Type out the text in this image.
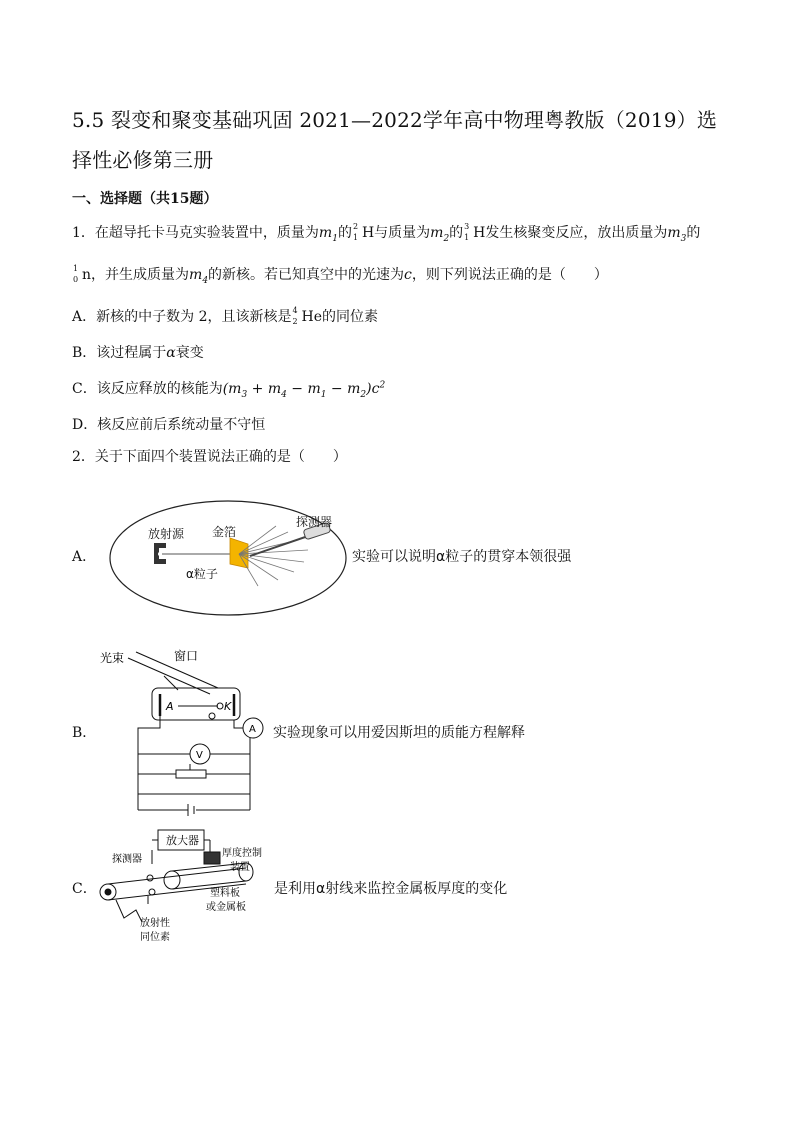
5.5 裂变和聚变基础巩固 2021—2022学年高中物理粤教版（2019）选择性必修第三册
一、选择题（共15题）
1．在超导托卡马克实验装置中，质量为$m_1$的 2
1 H与质量为$m_2$的 3
1 H发生核聚变反应，放出质量为$m_3$的
1
0 n，并生成质量为$m_4$的新核。若已知真空中的光速为c，则下列说法正确的是（　　）
A．新核的中子数为 2，且该新核是 4
2 He的同位素
B．该过程属于α衰变
C．该反应释放的核能为$(m_3 + m_4 - m_1 - m_2)c^2$
D．核反应前后系统动量不守恒
2．关于下面四个装置说法正确的是（　　）
A．
放射源 金箔
探测器
α粒子
实验可以说明α粒子的贯穿本领很强
B．
光束	窗口
A	K
A
V
实验现象可以用爱因斯坦的质能方程解释
C．
放大器
探测器
厚度控制
装置
塑料板
或金属板
放射性
同位素
是利用α射线来监控金属板厚度的变化
